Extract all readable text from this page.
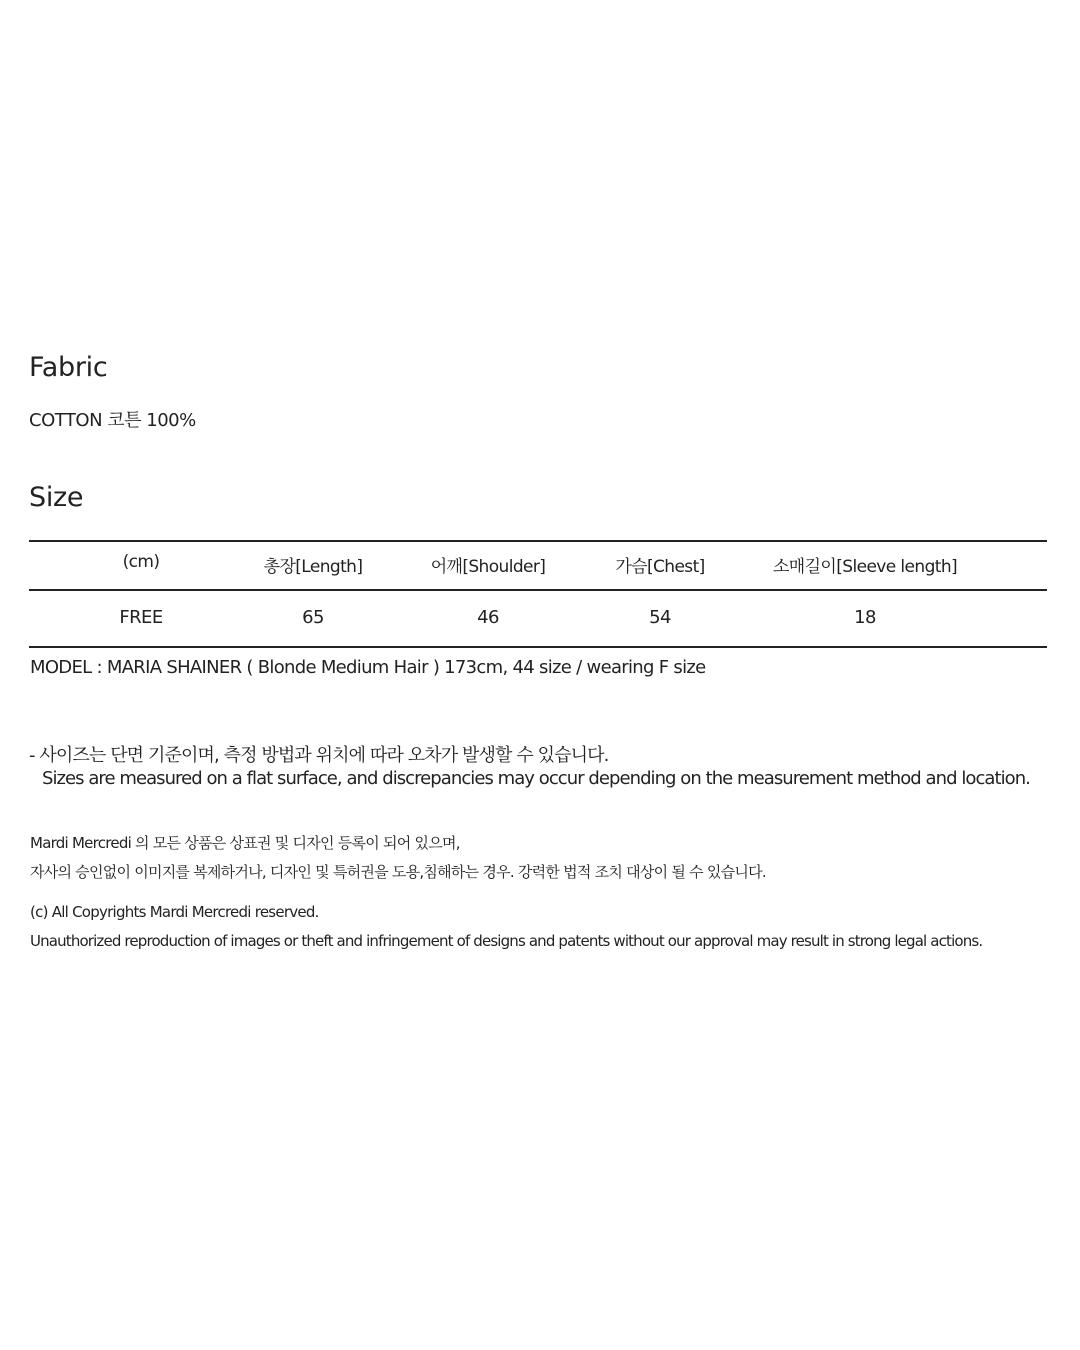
Fabric
COTTON 코튼 100%
Size
(cm)	총장[Length]	어깨[Shoulder]	가슴[Chest]	소매길이[Sleeve length]
FREE	65	46	54	18
MODEL : MARIA SHAINER ( Blonde Medium Hair ) 173cm, 44 size / wearing F size
- 사이즈는 단면 기준이며, 측정 방법과 위치에 따라 오차가 발생할 수 있습니다.
Sizes are measured on a flat surface, and discrepancies may occur depending on the measurement method and location.
Mardi Mercredi 의 모든 상품은 상표권 및 디자인 등록이 되어 있으며,
자사의 승인없이 이미지를 복제하거나, 디자인 및 특허권을 도용,침해하는 경우. 강력한 법적 조치 대상이 될 수 있습니다.
(c) All Copyrights Mardi Mercredi reserved.
Unauthorized reproduction of images or theft and infringement of designs and patents without our approval may result in strong legal actions.
